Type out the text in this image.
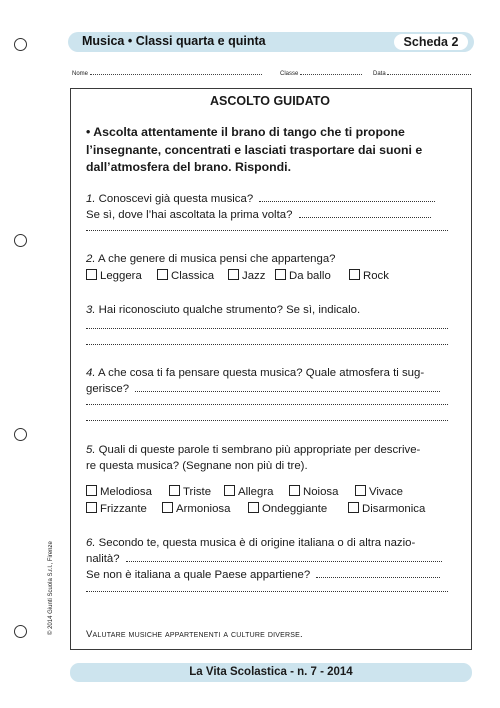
Musica • Classi quarta e quinta	Scheda 2
Nome	Classe	Data
ASCOLTO GUIDATO
• Ascolta attentamente il brano di tango che ti propone l’insegnante, concentrati e lasciati trasportare dai suoni e dall’atmosfera del brano. Rispondi.
1. Conoscevi già questa musica?
Se sì, dove l’hai ascoltata la prima volta?
2. A che genere di musica pensi che appartenga?
Leggera	Classica	Jazz	Da ballo	Rock
3. Hai riconosciuto qualche strumento? Se sì, indicalo.
4. A che cosa ti fa pensare questa musica? Quale atmosfera ti sug-
gerisce?
5. Quali di queste parole ti sembrano più appropriate per descrive-
re questa musica? (Segnane non più di tre).
Melodiosa	Triste	Allegra	Noiosa	Vivace
Frizzante	Armoniosa	Ondeggiante	Disarmonica
6. Secondo te, questa musica è di origine italiana o di altra nazio-
nalità?
Se non è italiana a quale Paese appartiene?
Valutare musiche appartenenti a culture diverse.
La Vita Scolastica - n. 7 - 2014
© 2014 Giunti Scuola S.r.l., Firenze
